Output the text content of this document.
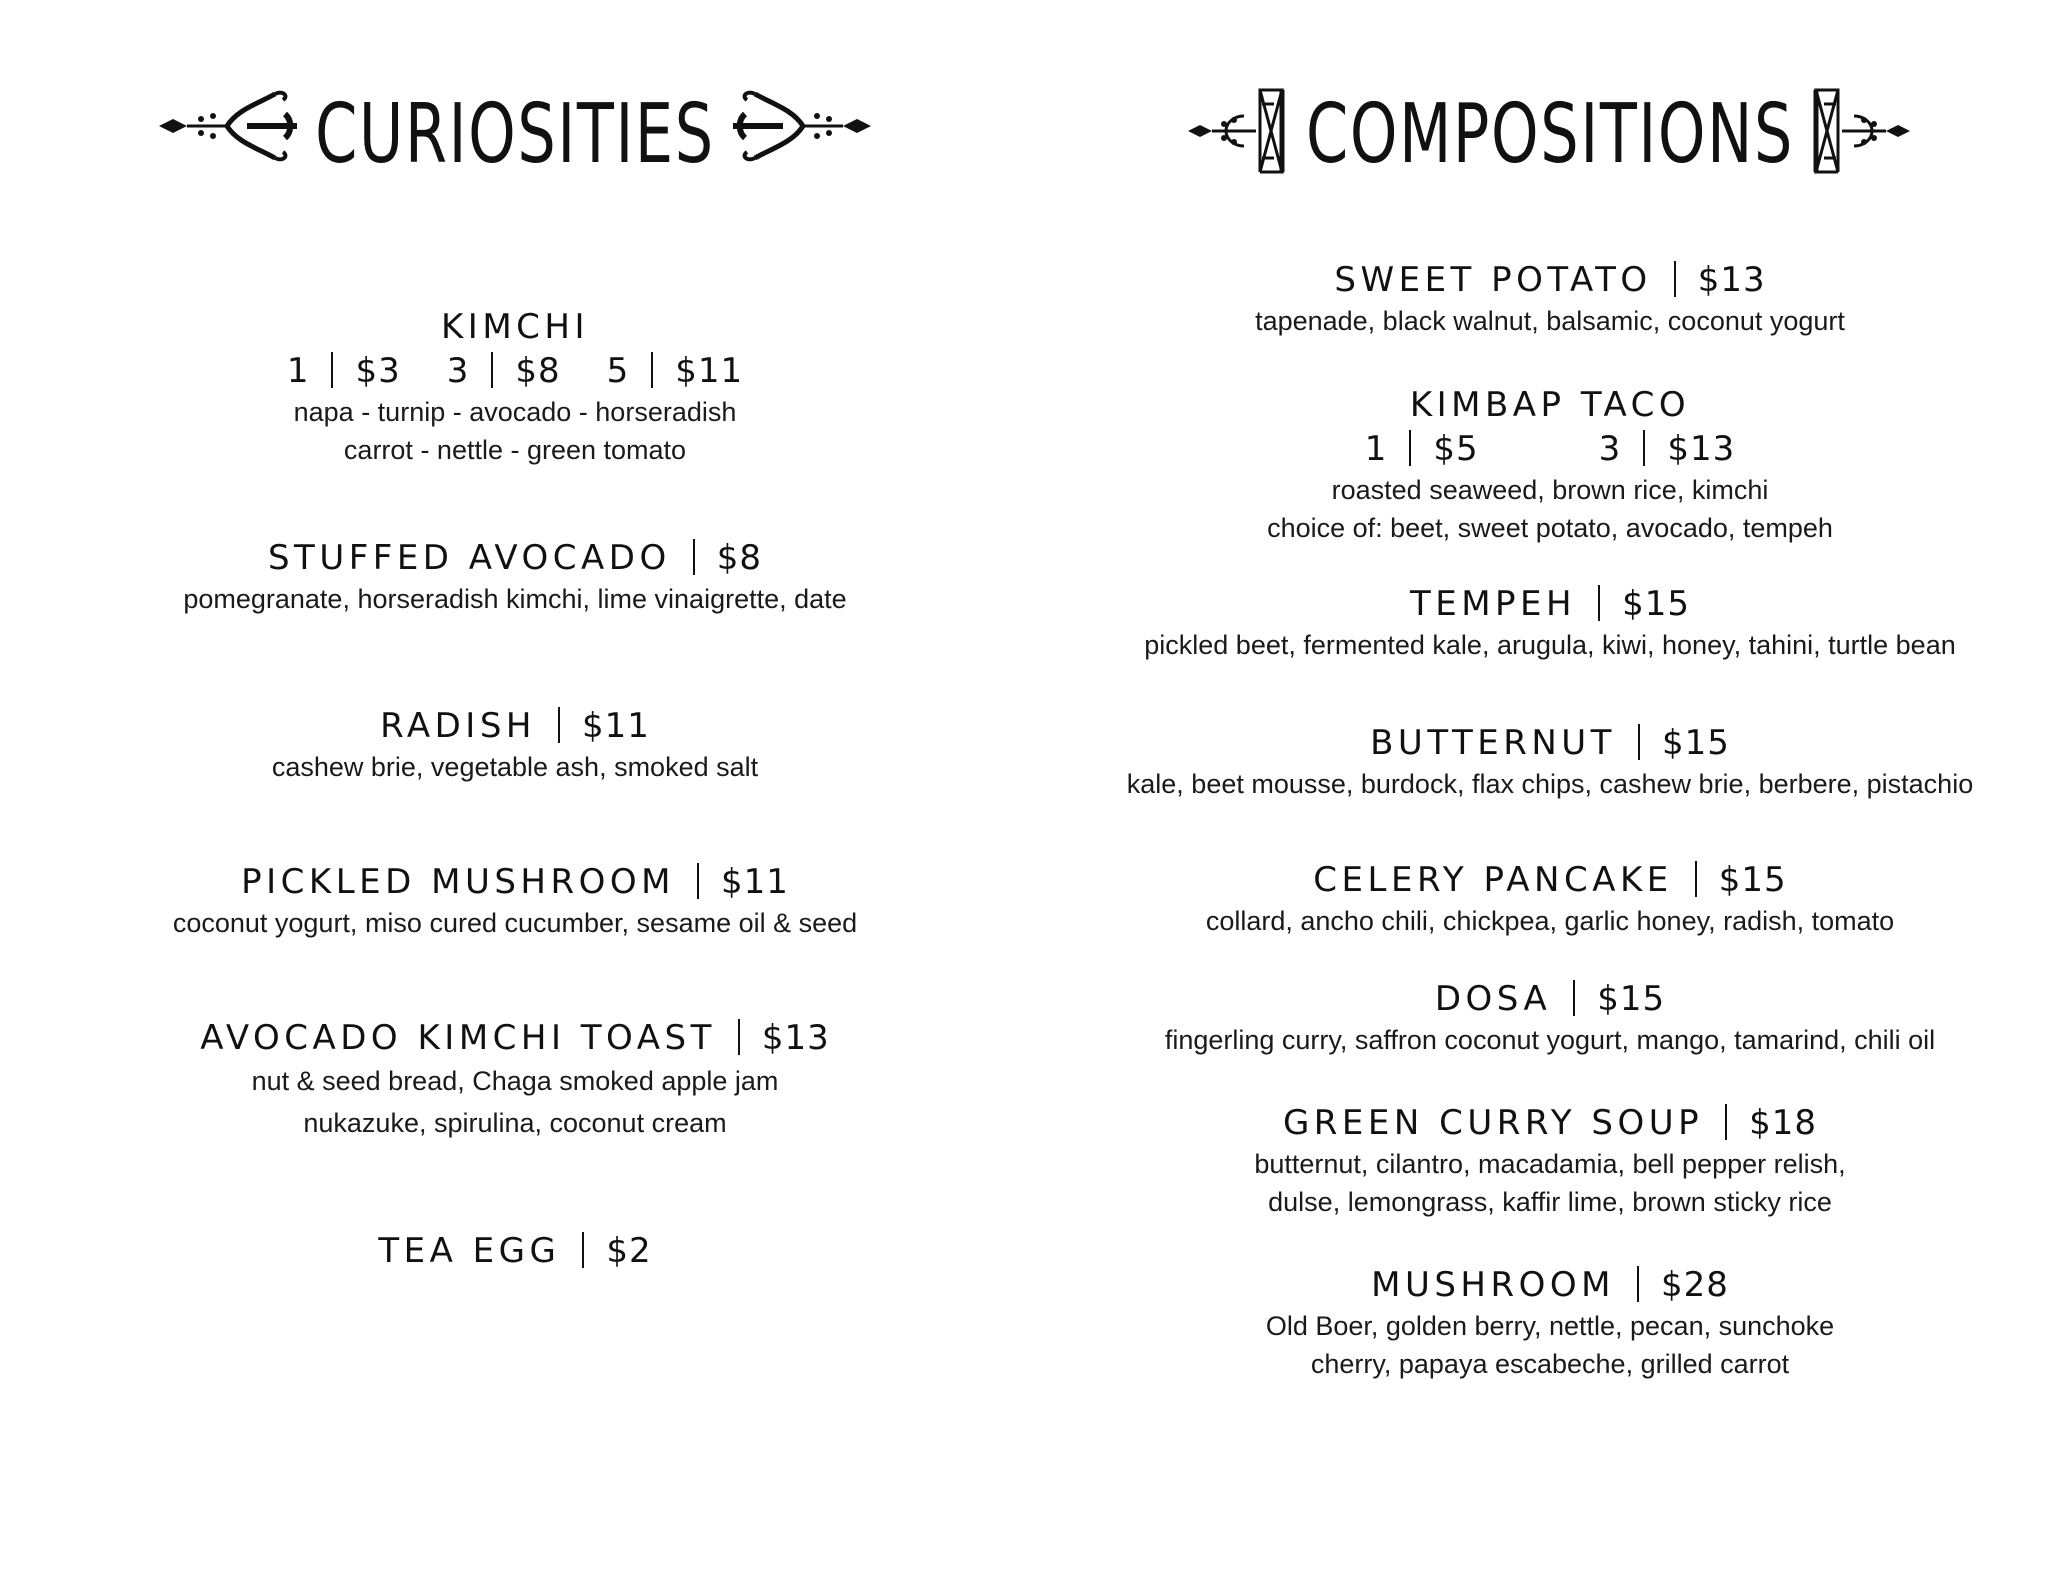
CURIOSITIES
KIMCHI
1 $3 3 $8 5 $11
napa - turnip - avocado - horseradish
carrot - nettle - green tomato
STUFFED AVOCADO $8
pomegranate, horseradish kimchi, lime vinaigrette, date
RADISH $11
cashew brie, vegetable ash, smoked salt
PICKLED MUSHROOM $11
coconut yogurt, miso cured cucumber, sesame oil & seed
AVOCADO KIMCHI TOAST $13
nut & seed bread, Chaga smoked apple jam
nukazuke, spirulina, coconut cream
TEA EGG $2
COMPOSITIONS
SWEET POTATO $13
tapenade, black walnut, balsamic, coconut yogurt
KIMBAP TACO
1 $5	3 $13
roasted seaweed, brown rice, kimchi
choice of: beet, sweet potato, avocado, tempeh
TEMPEH $15
pickled beet, fermented kale, arugula, kiwi, honey, tahini, turtle bean
BUTTERNUT $15
kale, beet mousse, burdock, flax chips, cashew brie, berbere, pistachio
CELERY PANCAKE $15
collard, ancho chili, chickpea, garlic honey, radish, tomato
DOSA $15
fingerling curry, saffron coconut yogurt, mango, tamarind, chili oil
GREEN CURRY SOUP $18
butternut, cilantro, macadamia, bell pepper relish,
dulse, lemongrass, kaffir lime, brown sticky rice
MUSHROOM $28
Old Boer, golden berry, nettle, pecan, sunchoke
cherry, papaya escabeche, grilled carrot
